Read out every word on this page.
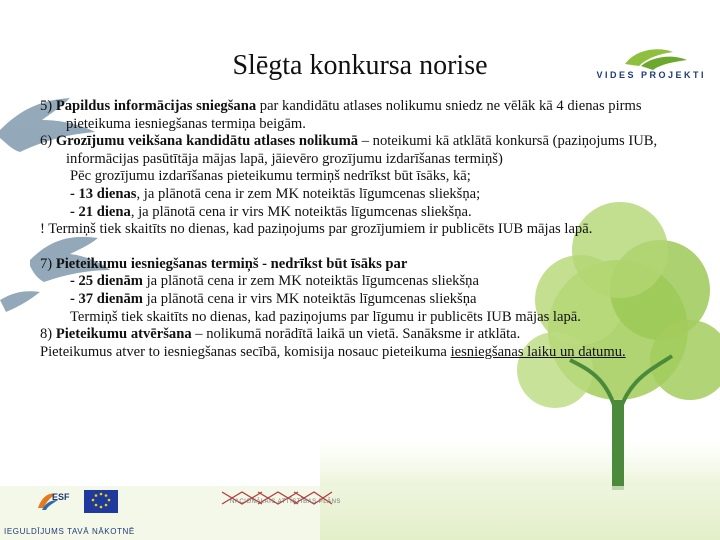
VIDES PROJEKTI
Slēgta konkursa norise

5) Papildus informācijas sniegšana par kandidātu atlases nolikumu sniedz ne vēlāk kā 4 dienas pirms pieteikuma iesniegšanas termiņa beigām.

6) Grozījumu veikšana kandidātu atlases nolikumā – noteikumi kā atklātā konkursā (paziņojums IUB, informācijas pasūtītāja mājas lapā, jāievēro grozījumu izdarīšanas termiņš)

Pēc grozījumu izdarīšanas pieteikumu termiņš nedrīkst būt īsāks, kā;

- 13 dienas, ja plānotā cena ir zem MK noteiktās līgumcenas sliekšņa;

- 21 diena, ja plānotā cena ir virs MK noteiktās līgumcenas sliekšņa.

! Termiņš tiek skaitīts no dienas, kad paziņojums par grozījumiem ir publicēts IUB mājas lapā.

7) Pieteikumu iesniegšanas termiņš - nedrīkst būt īsāks par

- 25 dienām ja plānotā cena ir zem MK noteiktās līgumcenas sliekšņa

- 37 dienām ja plānotā cena ir virs MK noteiktās līgumcenas sliekšņa

Termiņš tiek skaitīts no dienas, kad paziņojums par līgumu ir publicēts IUB mājas lapā.

8) Pieteikumu atvēršana – nolikumā norādītā laikā un vietā. Sanāksme ir atklāta.

Pieteikumus atver to iesniegšanas secībā, komisija nosauc pieteikuma iesniegšanas laiku un datumu.

ESF	NACIONĀLAIS ATTĪSTĪBAS PLĀNS
IEGULDĪJUMS TAVĀ NĀKOTNĒ
